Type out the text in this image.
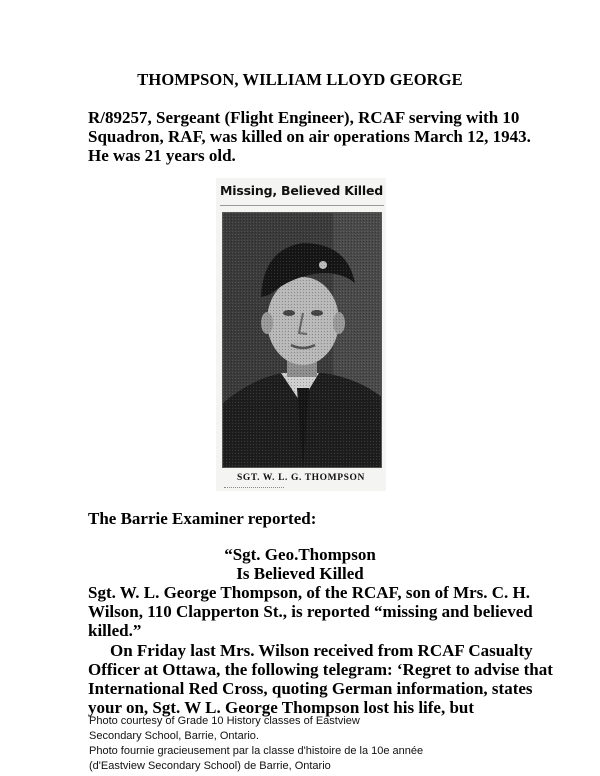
THOMPSON, WILLIAM LLOYD GEORGE
R/89257, Sergeant (Flight Engineer), RCAF serving with 10
Squadron, RAF, was killed on air operations March 12, 1943.
He was 21 years old.
Missing, Believed Killed
SGT. W. L. G. THOMPSON
The Barrie Examiner reported:
“Sgt. Geo.Thompson
Is Believed Killed

Sgt. W. L. George Thompson, of the RCAF, son of Mrs. C. H. Wilson, 110 Clapperton St., is reported “missing and believed killed.”

On Friday last Mrs. Wilson received from RCAF Casualty Officer at Ottawa, the following telegram: ‘Regret to advise that International Red Cross, quoting German information, states your on, Sgt. W L. George Thompson lost his life, but

Photo courtesy of Grade 10 History classes of Eastview
Secondary School, Barrie, Ontario.
Photo fournie gracieusement par la classe d'histoire de la 10e année
(d'Eastview Secondary School) de Barrie, Ontario
